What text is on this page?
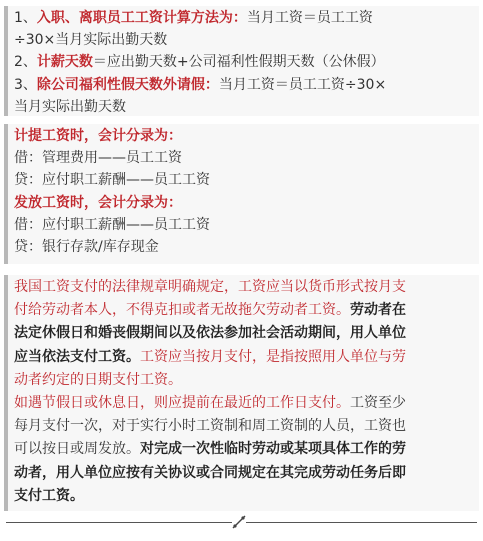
1、入职、离职员工工资计算方法为：当月工资＝员工工资
÷30×当月实际出勤天数
2、计薪天数＝应出勤天数+公司福利性假期天数（公休假）
3、除公司福利性假天数外请假：当月工资＝员工工资÷30×
当月实际出勤天数
计提工资时，会计分录为：
借：管理费用——员工工资
贷：应付职工薪酬——员工工资
发放工资时，会计分录为：
借：应付职工薪酬——员工工资
贷：银行存款/库存现金
我国工资支付的法律规章明确规定，工资应当以货币形式按月支
付给劳动者本人，不得克扣或者无故拖欠劳动者工资。劳动者在
法定休假日和婚丧假期间以及依法参加社会活动期间，用人单位
应当依法支付工资。工资应当按月支付，是指按照用人单位与劳
动者约定的日期支付工资。
如遇节假日或休息日，则应提前在最近的工作日支付。工资至少
每月支付一次，对于实行小时工资制和周工资制的人员，工资也
可以按日或周发放。对完成一次性临时劳动或某项具体工作的劳
动者，用人单位应按有关协议或合同规定在其完成劳动任务后即
支付工资。
